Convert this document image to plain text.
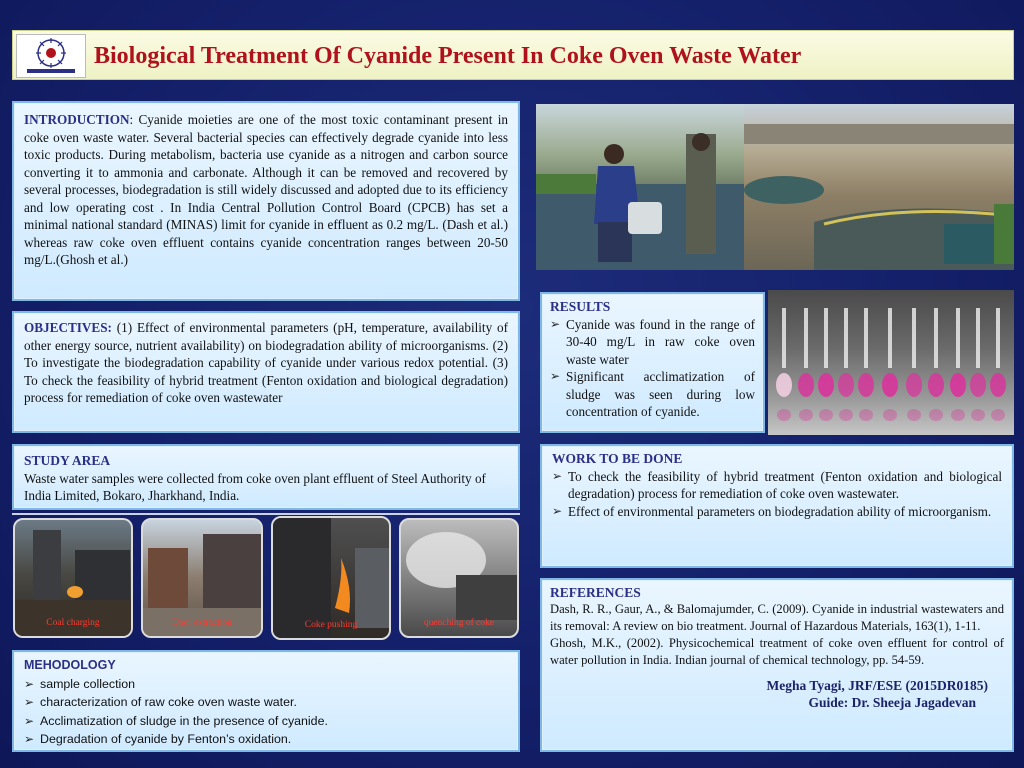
Biological Treatment Of Cyanide Present In Coke Oven Waste Water
INTRODUCTION: Cyanide moieties are one of the most toxic contaminant present in coke oven waste water. Several bacterial species can effectively degrade cyanide into less toxic products. During metabolism, bacteria use cyanide as a nitrogen and carbon source converting it to ammonia and carbonate. Although it can be removed and recovered by several processes, biodegradation is still widely discussed and adopted due to its efficiency and low operating cost . In India Central Pollution Control Board (CPCB) has set a minimal national standard (MINAS) limit for cyanide in effluent as 0.2 mg/L. (Dash et al.) whereas raw coke oven effluent contains cyanide concentration ranges between 20-50 mg/L.(Ghosh et al.)
OBJECTIVES: (1) Effect of environmental parameters (pH, temperature, availability of other energy source, nutrient availability) on biodegradation ability of microorganisms. (2) To investigate the biodegradation capability of cyanide under various redox potential. (3) To check the feasibility of hybrid treatment (Fenton oxidation and biological degradation) process for remediation of coke oven wastewater
STUDY AREA
Waste water samples were collected from coke oven plant effluent of Steel Authority of India Limited, Bokaro, Jharkhand, India.
Coal charging	Door extraction	Coke pushing	quenching of coke
MEHODOLOGY
➢ sample collection
➢ characterization of raw coke oven waste water.
➢ Acclimatization of sludge in the presence of cyanide.
➢ Degradation of cyanide by Fenton’s oxidation.
RESULTS
➢ Cyanide was found in the range of 30-40 mg/L in raw coke oven waste water
➢ Significant acclimatization of sludge was seen during low concentration of cyanide.
WORK TO BE DONE
➢ To check the feasibility of hybrid treatment (Fenton oxidation and biological degradation) process for remediation of coke oven wastewater.
➢ Effect of environmental parameters on biodegradation ability of microorganism.
REFERENCES
Dash, R. R., Gaur, A., & Balomajumder, C. (2009). Cyanide in industrial wastewaters and its removal: A review on bio treatment. Journal of Hazardous Materials, 163(1), 1-11.
Ghosh, M.K., (2002). Physicochemical treatment of coke oven effluent for control of water pollution in India. Indian journal of chemical technology, pp. 54-59.
Megha Tyagi, JRF/ESE (2015DR0185)
Guide: Dr. Sheeja Jagadevan
